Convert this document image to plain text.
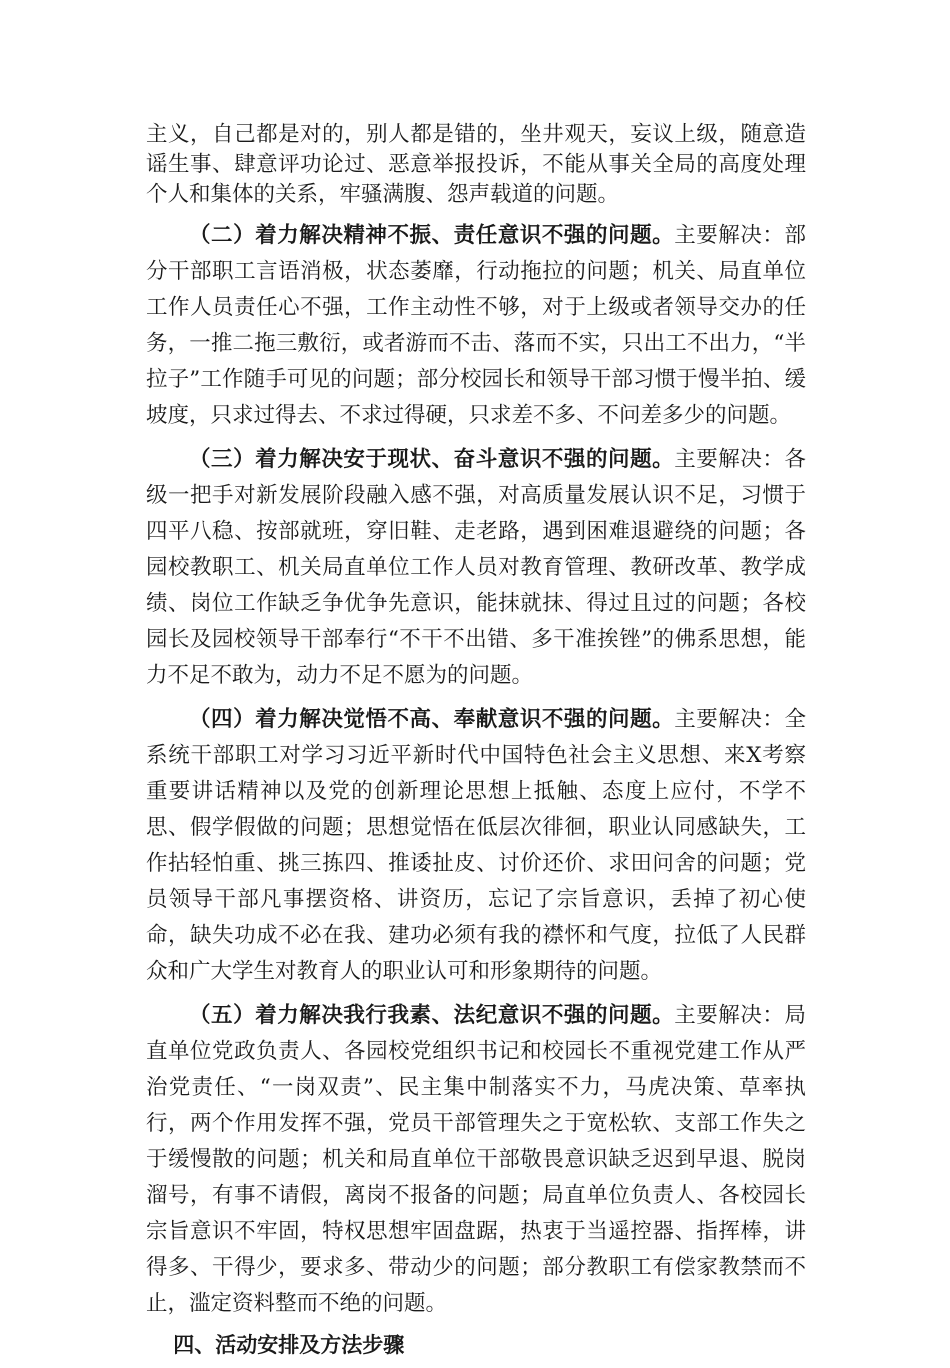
主义，自己都是对的，别人都是错的，坐井观天，妄议上级，随意造谣生事、肆意评功论过、恶意举报投诉，不能从事关全局的高度处理个人和集体的关系，牢骚满腹、怨声载道的问题。

（二）着力解决精神不振、责任意识不强的问题。主要解决：部分干部职工言语消极，状态萎靡，行动拖拉的问题；机关、局直单位工作人员责任心不强，工作主动性不够，对于上级或者领导交办的任务，一推二拖三敷衍，或者游而不击、落而不实，只出工不出力，“半拉子”工作随手可见的问题；部分校园长和领导干部习惯于慢半拍、缓坡度，只求过得去、不求过得硬，只求差不多、不问差多少的问题。

（三）着力解决安于现状、奋斗意识不强的问题。主要解决：各级一把手对新发展阶段融入感不强，对高质量发展认识不足，习惯于四平八稳、按部就班，穿旧鞋、走老路，遇到困难退避绕的问题；各园校教职工、机关局直单位工作人员对教育管理、教研改革、教学成绩、岗位工作缺乏争优争先意识，能抹就抹、得过且过的问题；各校园长及园校领导干部奉行“不干不出错、多干准挨锉”的佛系思想，能力不足不敢为，动力不足不愿为的问题。

（四）着力解决觉悟不高、奉献意识不强的问题。主要解决：全系统干部职工对学习习近平新时代中国特色社会主义思想、来X考察重要讲话精神以及党的创新理论思想上抵触、态度上应付，不学不思、假学假做的问题；思想觉悟在低层次徘徊，职业认同感缺失，工作拈轻怕重、挑三拣四、推诿扯皮、讨价还价、求田问舍的问题；党员领导干部凡事摆资格、讲资历，忘记了宗旨意识，丢掉了初心使命，缺失功成不必在我、建功必须有我的襟怀和气度，拉低了人民群众和广大学生对教育人的职业认可和形象期待的问题。

（五）着力解决我行我素、法纪意识不强的问题。主要解决：局直单位党政负责人、各园校党组织书记和校园长不重视党建工作从严治党责任、“一岗双责”、民主集中制落实不力，马虎决策、草率执行，两个作用发挥不强，党员干部管理失之于宽松软、支部工作失之于缓慢散的问题；机关和局直单位干部敬畏意识缺乏迟到早退、脱岗溜号，有事不请假，离岗不报备的问题；局直单位负责人、各校园长宗旨意识不牢固，特权思想牢固盘踞，热衷于当遥控器、指挥棒，讲得多、干得少，要求多、带动少的问题；部分教职工有偿家教禁而不止，滥定资料整而不绝的问题。

四、活动安排及方法步骤
